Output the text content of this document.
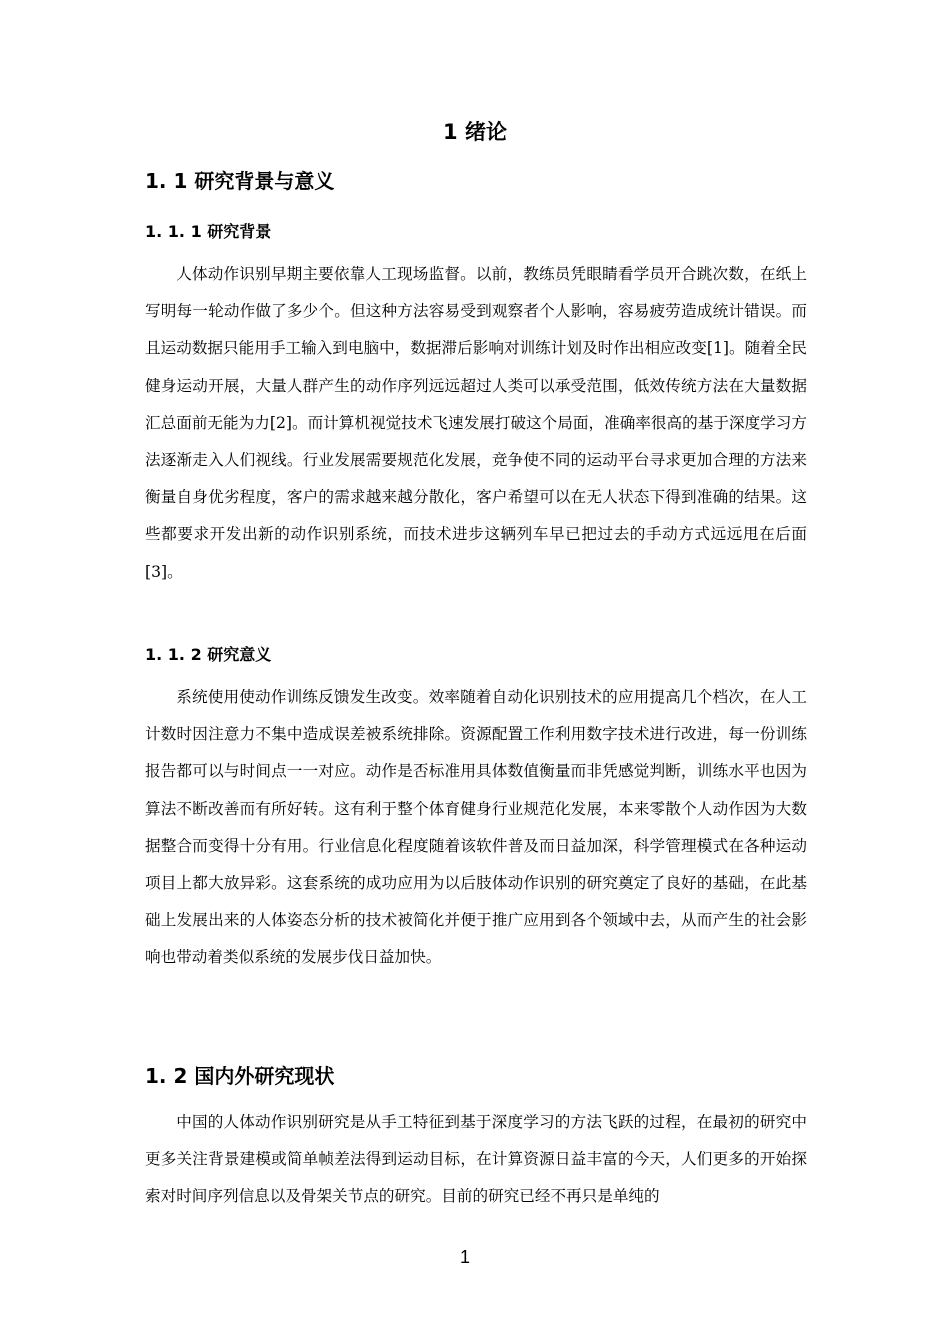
1 绪论
1. 1 研究背景与意义
1. 1. 1 研究背景

人体动作识别早期主要依靠人工现场监督。以前，教练员凭眼睛看学员开合跳次数，在纸上写明每一轮动作做了多少个。但这种方法容易受到观察者个人影响，容易疲劳造成统计错误。而且运动数据只能用手工输入到电脑中，数据滞后影响对训练计划及时作出相应改变[1]。随着全民健身运动开展，大量人群产生的动作序列远远超过人类可以承受范围，低效传统方法在大量数据汇总面前无能为力[2]。而计算机视觉技术飞速发展打破这个局面，准确率很高的基于深度学习方法逐渐走入人们视线。行业发展需要规范化发展，竞争使不同的运动平台寻求更加合理的方法来衡量自身优劣程度，客户的需求越来越分散化，客户希望可以在无人状态下得到准确的结果。这些都要求开发出新的动作识别系统，而技术进步这辆列车早已把过去的手动方式远远甩在后面[3]。

1. 1. 2 研究意义

系统使用使动作训练反馈发生改变。效率随着自动化识别技术的应用提高几个档次，在人工计数时因注意力不集中造成误差被系统排除。资源配置工作利用数字技术进行改进，每一份训练报告都可以与时间点一一对应。动作是否标准用具体数值衡量而非凭感觉判断，训练水平也因为算法不断改善而有所好转。这有利于整个体育健身行业规范化发展，本来零散个人动作因为大数据整合而变得十分有用。行业信息化程度随着该软件普及而日益加深，科学管理模式在各种运动项目上都大放异彩。这套系统的成功应用为以后肢体动作识别的研究奠定了良好的基础，在此基础上发展出来的人体姿态分析的技术被简化并便于推广应用到各个领域中去，从而产生的社会影响也带动着类似系统的发展步伐日益加快。

1. 2 国内外研究现状

中国的人体动作识别研究是从手工特征到基于深度学习的方法飞跃的过程，在最初的研究中更多关注背景建模或简单帧差法得到运动目标，在计算资源日益丰富的今天，人们更多的开始探索对时间序列信息以及骨架关节点的研究。目前的研究已经不再只是单纯的

1
